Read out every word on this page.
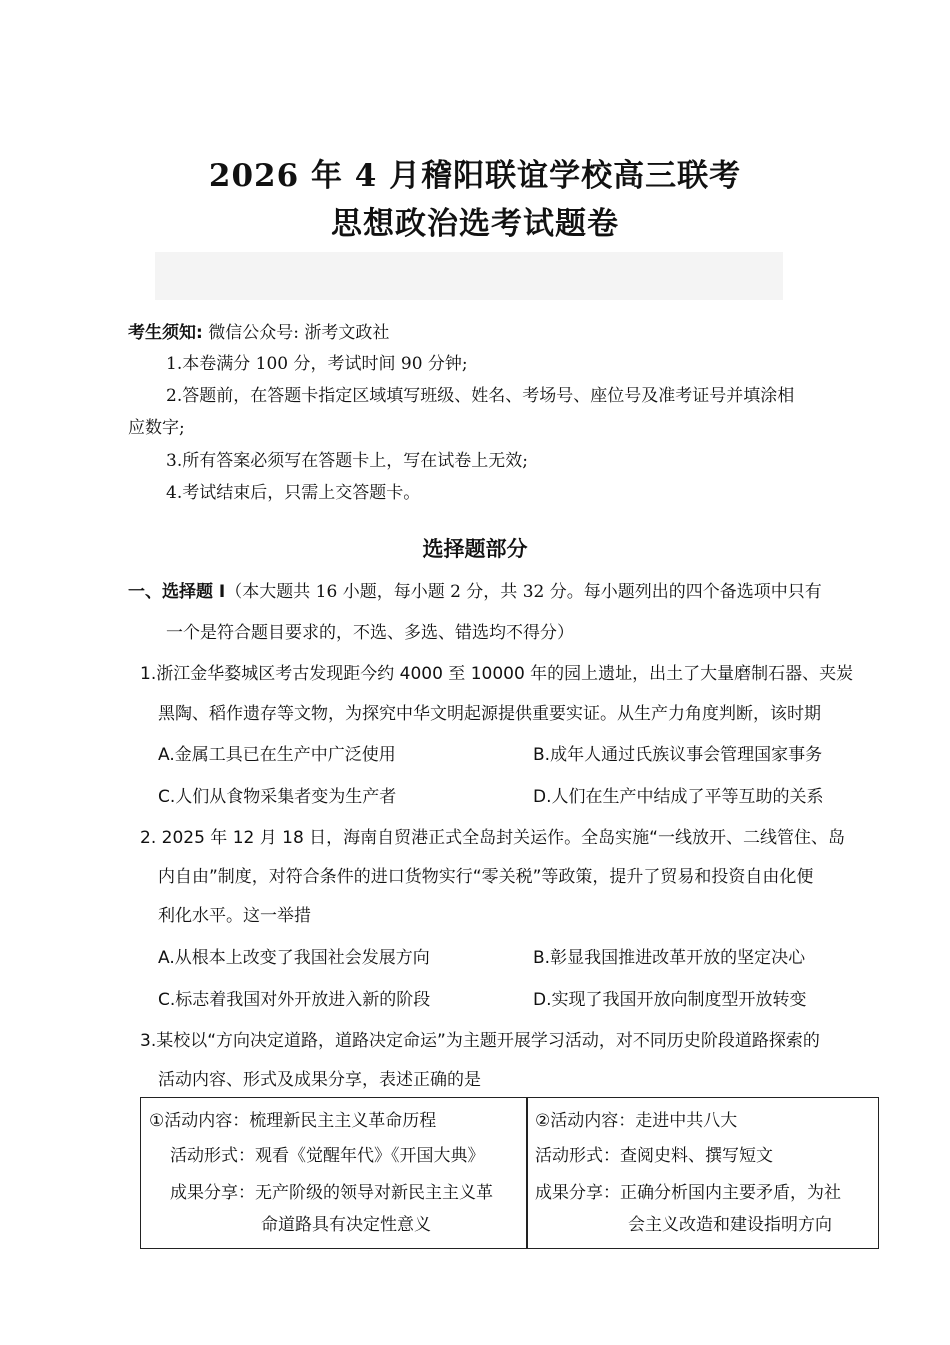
2026 年 4 月稽阳联谊学校高三联考
思想政治选考试题卷
考生须知: 微信公众号: 浙考文政社
1.本卷满分 100 分，考试时间 90 分钟;
2.答题前，在答题卡指定区域填写班级、姓名、考场号、座位号及准考证号并填涂相
应数字;
3.所有答案必须写在答题卡上，写在试卷上无效;
4.考试结束后，只需上交答题卡。
选择题部分
一、选择题 I（本大题共 16 小题，每小题 2 分，共 32 分。每小题列出的四个备选项中只有
一个是符合题目要求的，不选、多选、错选均不得分）
1.浙江金华婺城区考古发现距今约 4000 至 10000 年的园上遗址，出土了大量磨制石器、夹炭
黑陶、稻作遗存等文物，为探究中华文明起源提供重要实证。从生产力角度判断，该时期
A.金属工具已在生产中广泛使用	B.成年人通过氏族议事会管理国家事务
C.人们从食物采集者变为生产者	D.人们在生产中结成了平等互助的关系
2. 2025 年 12 月 18 日，海南自贸港正式全岛封关运作。全岛实施“一线放开、二线管住、岛
内自由”制度，对符合条件的进口货物实行“零关税”等政策，提升了贸易和投资自由化便
利化水平。这一举措
A.从根本上改变了我国社会发展方向	B.彰显我国推进改革开放的坚定决心
C.标志着我国对外开放进入新的阶段	D.实现了我国开放向制度型开放转变
3.某校以“方向决定道路，道路决定命运”为主题开展学习活动，对不同历史阶段道路探索的
活动内容、形式及成果分享，表述正确的是
①活动内容：梳理新民主主义革命历程
活动形式：观看《觉醒年代》《开国大典》
成果分享：无产阶级的领导对新民主主义革
命道路具有决定性意义
②活动内容：走进中共八大
活动形式：查阅史料、撰写短文
成果分享：正确分析国内主要矛盾，为社
会主义改造和建设指明方向
